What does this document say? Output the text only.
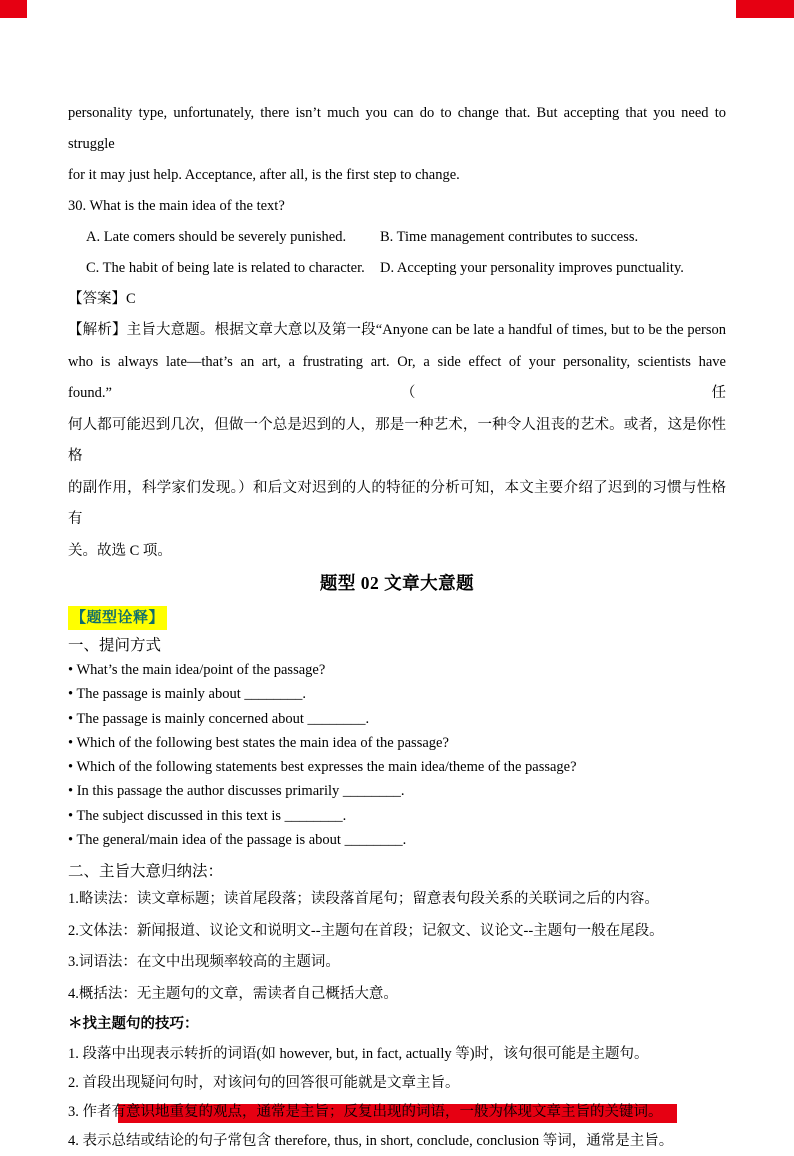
personality type, unfortunately, there isn’t much you can do to change that. But accepting that you need to struggle
for it may just help. Acceptance, after all, is the first step to change.
30. What is the main idea of the text?
A. Late comers should be severely punished.	B. Time management contributes to success.
C. The habit of being late is related to character.	D. Accepting your personality improves punctuality.
【答案】C
【解析】主旨大意题。根据文章大意以及第一段“Anyone can be late a handful of times, but to be the person
who is always late—that’s an art, a frustrating art. Or, a side effect of your personality, scientists have found.”（任
何人都可能迟到几次，但做一个总是迟到的人，那是一种艺术，一种令人沮丧的艺术。或者，这是你性格
的副作用，科学家们发现。）和后文对迟到的人的特征的分析可知，本文主要介绍了迟到的习惯与性格有
关。故选 C 项。
题型 02 文章大意题
【题型诠释】
一、提问方式
• What’s the main idea/point of the passage?
• The passage is mainly about ________.
• The passage is mainly concerned about ________.
• Which of the following best states the main idea of the passage?
• Which of the following statements best expresses the main idea/theme of the passage?
• In this passage the author discusses primarily ________.
• The subject discussed in this text is ________.
• The general/main idea of the passage is about ________.
二、主旨大意归纳法：
1.略读法：读文章标题；读首尾段落；读段落首尾句；留意表句段关系的关联词之后的内容。
2.文体法：新闻报道、议论文和说明文--主题句在首段；记叙文、议论文--主题句一般在尾段。
3.词语法：在文中出现频率较高的主题词。
4.概括法：无主题句的文章，需读者自己概括大意。
＊找主题句的技巧：
1. 段落中出现表示转折的词语(如 however, but, in fact, actually 等)时，该句很可能是主题句。
2. 首段出现疑问句时，对该问句的回答很可能就是文章主旨。
3. 作者有意识地重复的观点，通常是主旨；反复出现的词语，一般为体现文章主旨的关键词。
4. 表示总结或结论的句子常包含 therefore, thus, in short, conclude, conclusion 等词，通常是主旨。
